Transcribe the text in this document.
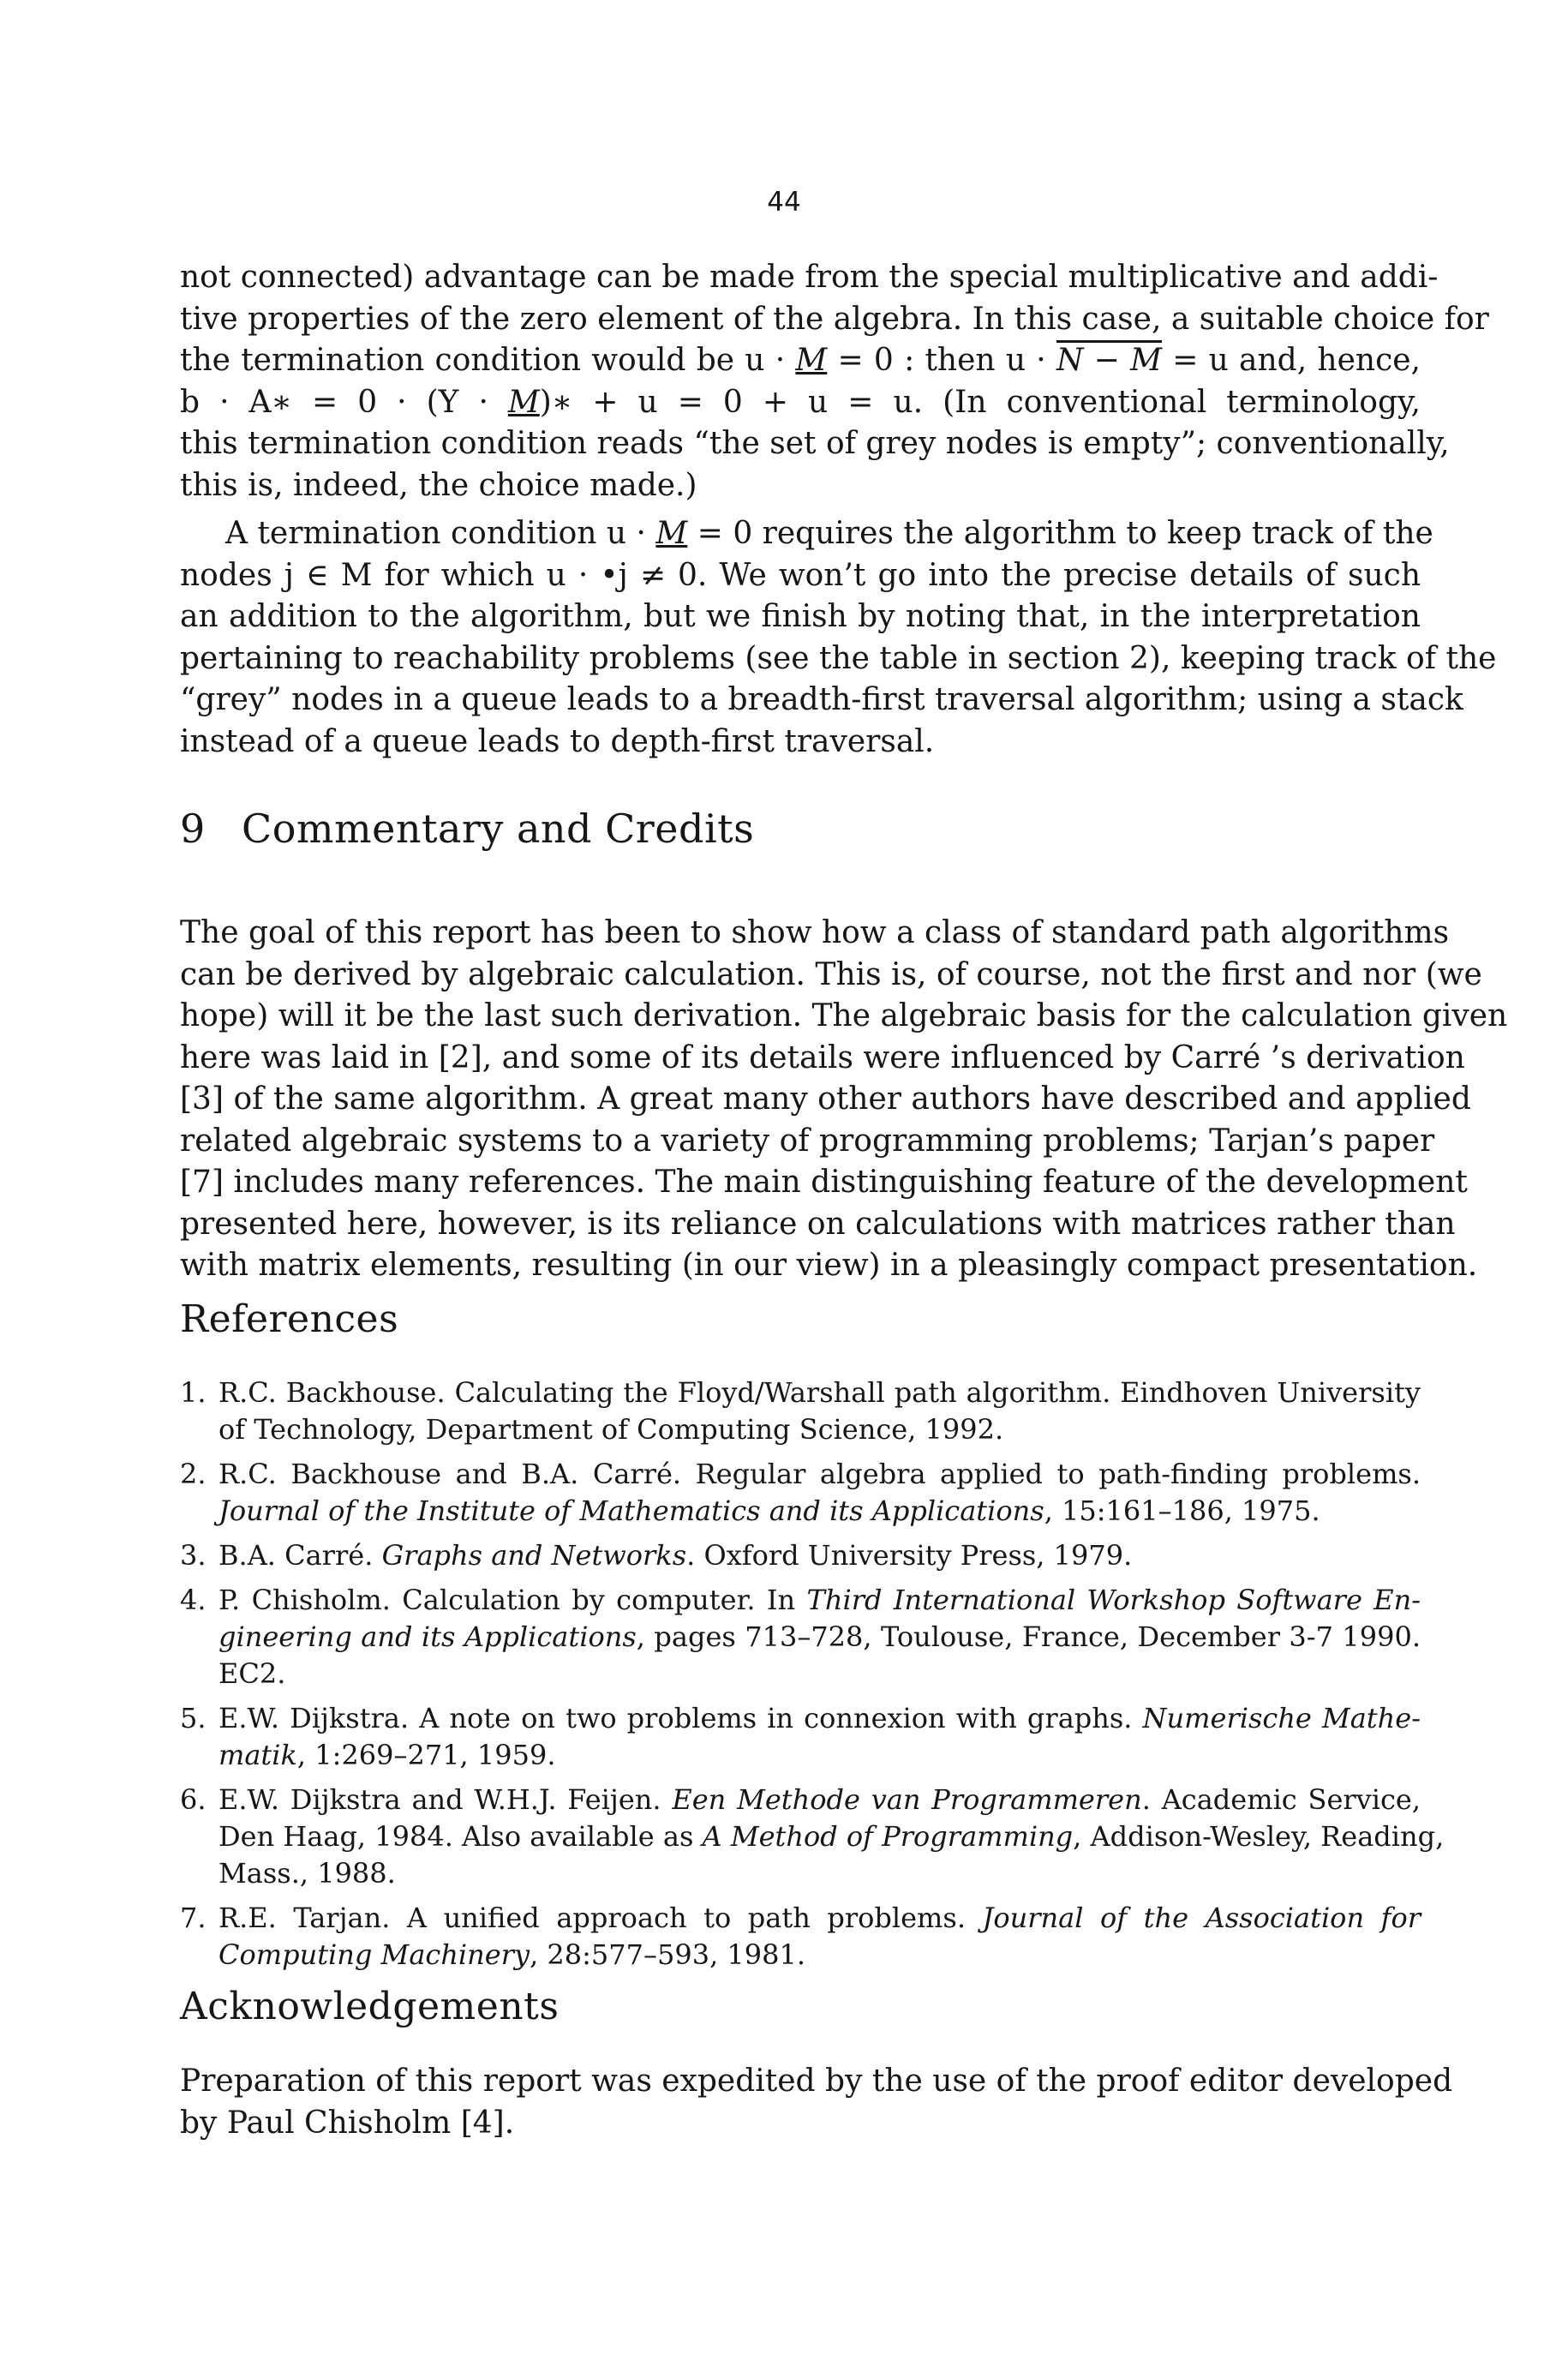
44
not connected) advantage can be made from the special multiplicative and addi-
tive properties of the zero element of the algebra. In this case, a suitable choice for
the termination condition would be u · M = 0 : then u · N − M = u and, hence,
b · A∗ = 0 · (Y · M)∗ + u = 0 + u = u. (In conventional terminology,
this termination condition reads “the set of grey nodes is empty”; conventionally,
this is, indeed, the choice made.)
A termination condition u · M = 0 requires the algorithm to keep track of the
nodes j ∈ M for which u · •j ≠ 0. We won’t go into the precise details of such
an addition to the algorithm, but we finish by noting that, in the interpretation
pertaining to reachability problems (see the table in section 2), keeping track of the
“grey” nodes in a queue leads to a breadth-first traversal algorithm; using a stack
instead of a queue leads to depth-first traversal.
9 Commentary and Credits
The goal of this report has been to show how a class of standard path algorithms
can be derived by algebraic calculation. This is, of course, not the first and nor (we
hope) will it be the last such derivation. The algebraic basis for the calculation given
here was laid in [2], and some of its details were influenced by Carré ’s derivation
[3] of the same algorithm. A great many other authors have described and applied
related algebraic systems to a variety of programming problems; Tarjan’s paper
[7] includes many references. The main distinguishing feature of the development
presented here, however, is its reliance on calculations with matrices rather than
with matrix elements, resulting (in our view) in a pleasingly compact presentation.
References
1. R.C. Backhouse. Calculating the Floyd/Warshall path algorithm. Eindhoven University
of Technology, Department of Computing Science, 1992.
2. R.C. Backhouse and B.A. Carré. Regular algebra applied to path-finding problems.
Journal of the Institute of Mathematics and its Applications, 15:161–186, 1975.
3. B.A. Carré. Graphs and Networks. Oxford University Press, 1979.
4. P. Chisholm. Calculation by computer. In Third International Workshop Software En-
gineering and its Applications, pages 713–728, Toulouse, France, December 3-7 1990.
EC2.
5. E.W. Dijkstra. A note on two problems in connexion with graphs. Numerische Mathe-
matik, 1:269–271, 1959.
6. E.W. Dijkstra and W.H.J. Feijen. Een Methode van Programmeren. Academic Service,
Den Haag, 1984. Also available as A Method of Programming, Addison-Wesley, Reading,
Mass., 1988.
7. R.E. Tarjan. A unified approach to path problems. Journal of the Association for
Computing Machinery, 28:577–593, 1981.
Acknowledgements
Preparation of this report was expedited by the use of the proof editor developed
by Paul Chisholm [4].
